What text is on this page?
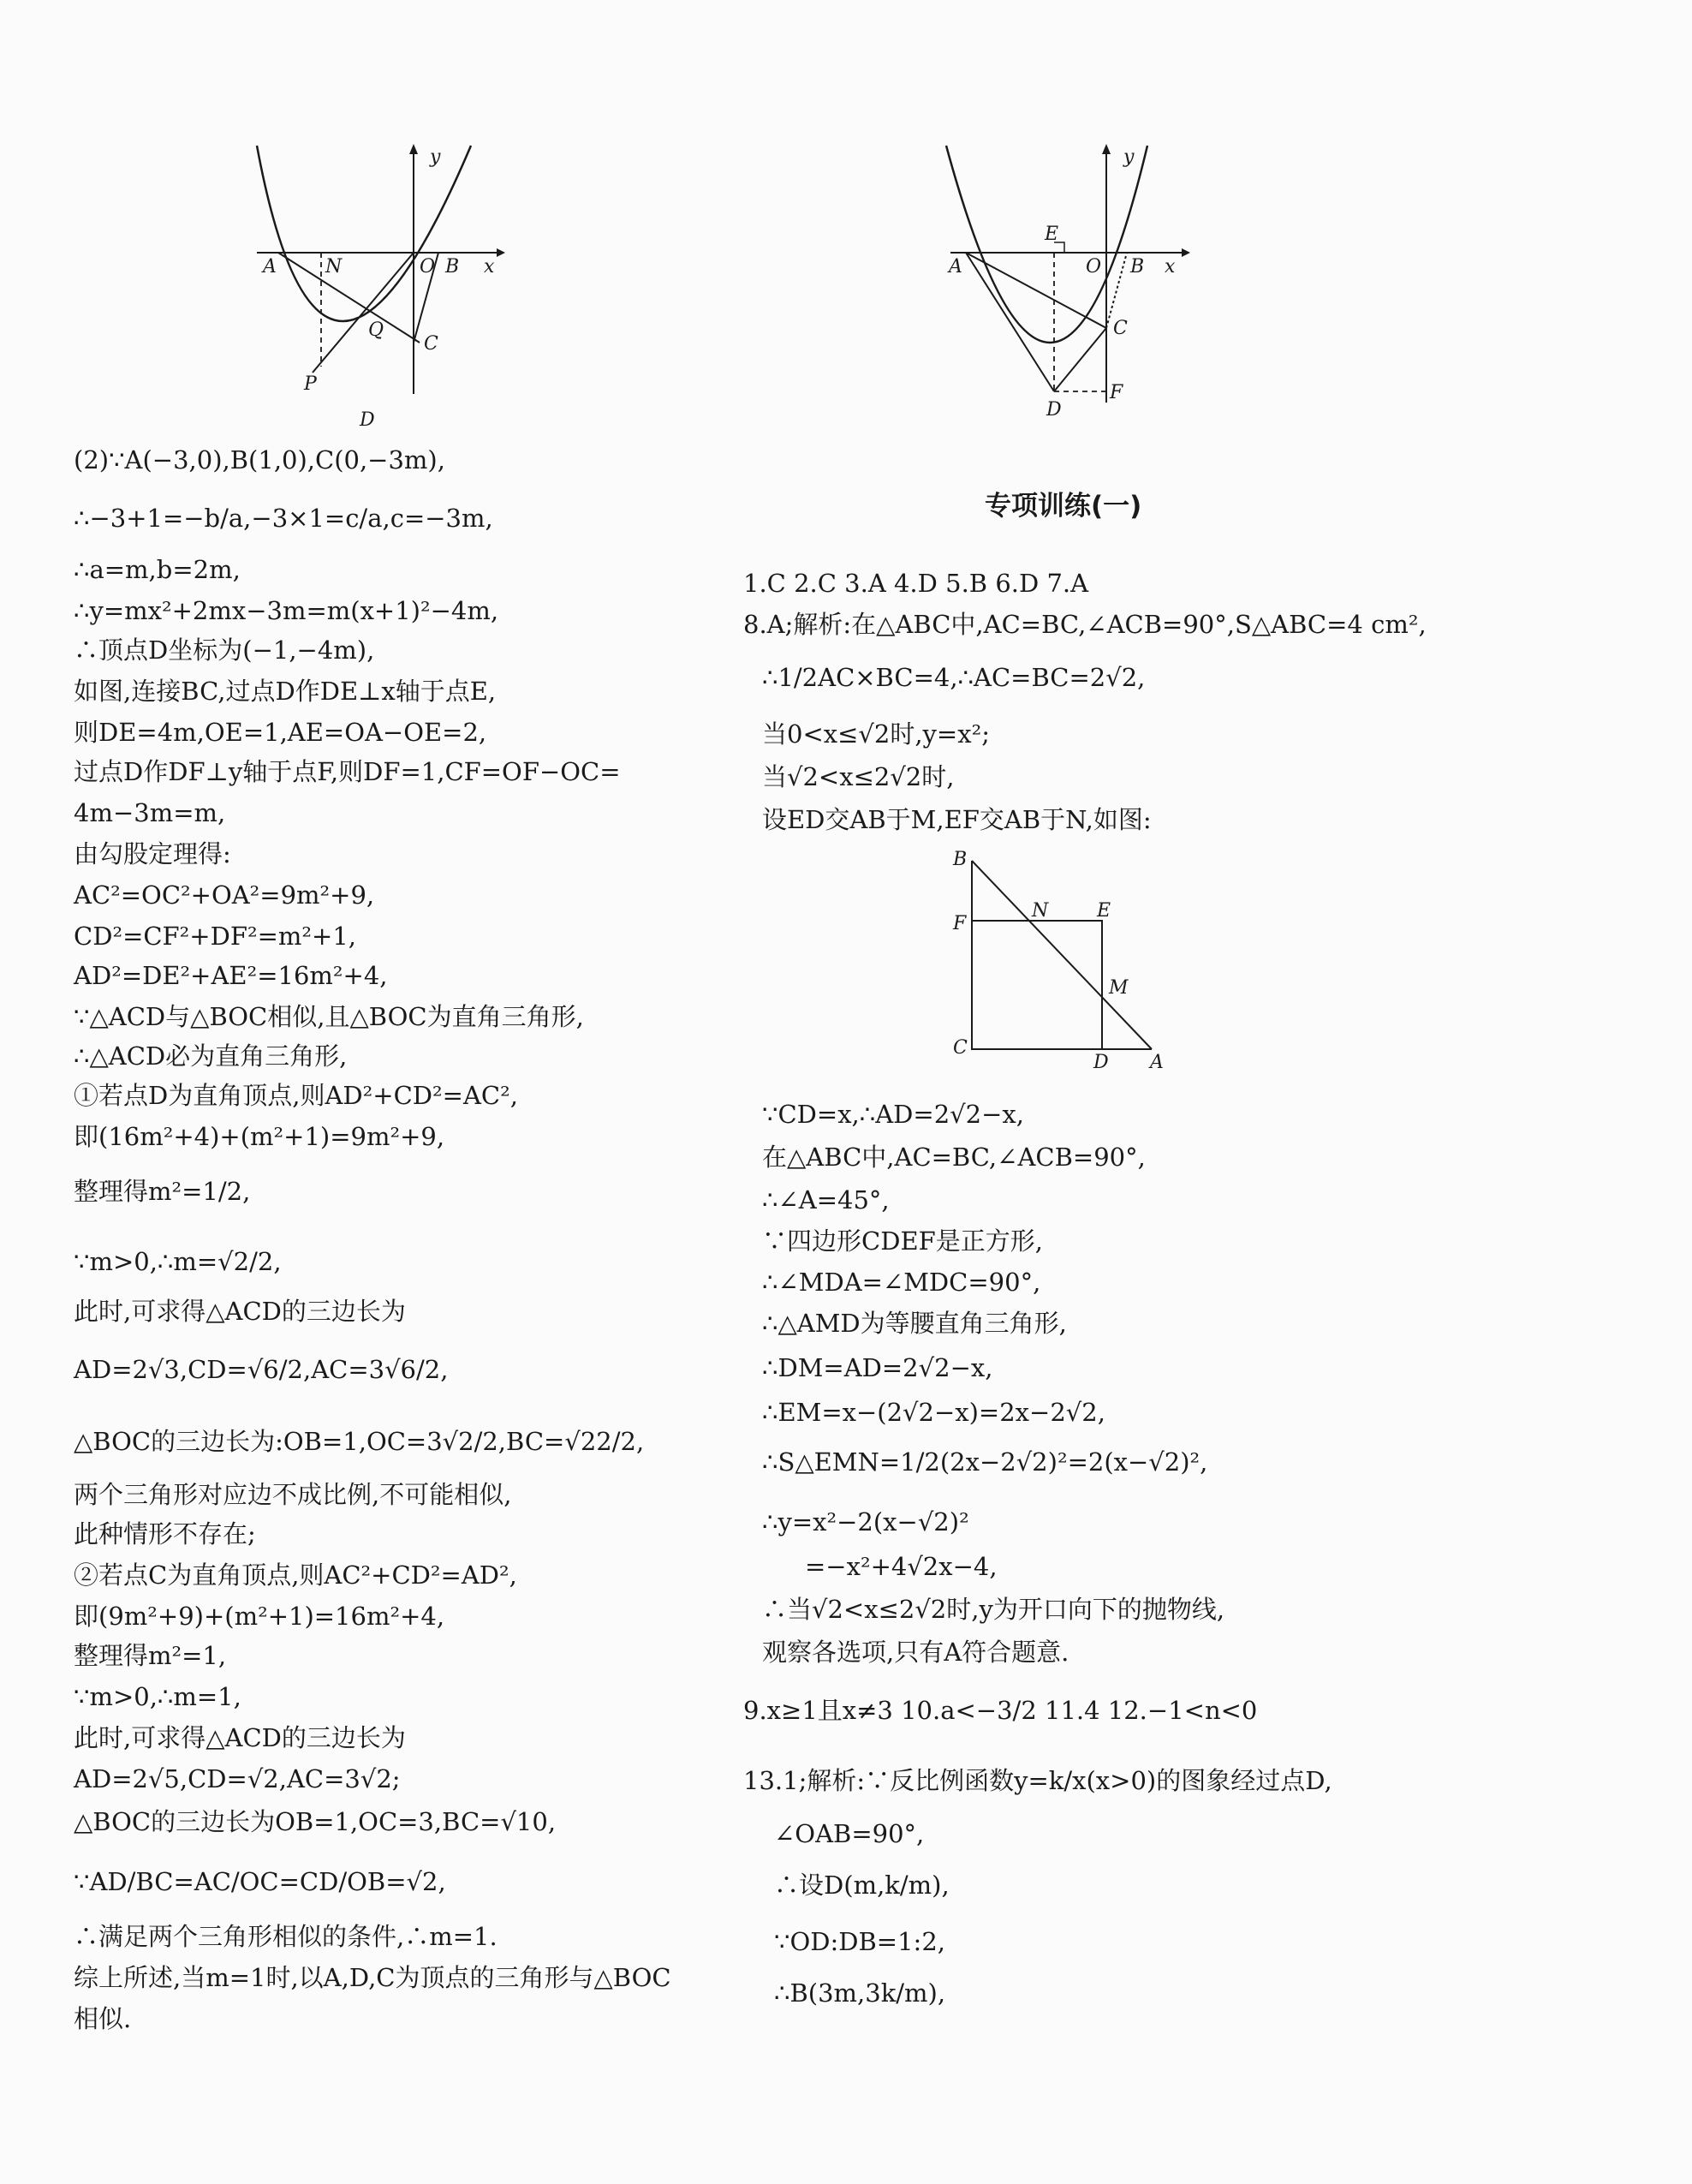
y
A	N	O B x
Q
C
P
D
y
E
O B x
A
C
D
F
B
F
N	E
M
C
D A
(2)∵A(−3,0),B(1,0),C(0,−3m),
∴−3+1=−b/a,−3×1=c/a,c=−3m,
∴a=m,b=2m,
∴y=mx²+2mx−3m=m(x+1)²−4m,
∴顶点D坐标为(−1,−4m),
如图,连接BC,过点D作DE⊥x轴于点E,
则DE=4m,OE=1,AE=OA−OE=2,
过点D作DF⊥y轴于点F,则DF=1,CF=OF−OC=
4m−3m=m,
由勾股定理得:
AC²=OC²+OA²=9m²+9,
CD²=CF²+DF²=m²+1,
AD²=DE²+AE²=16m²+4,
∵△ACD与△BOC相似,且△BOC为直角三角形,
∴△ACD必为直角三角形,
①若点D为直角顶点,则AD²+CD²=AC²,
即(16m²+4)+(m²+1)=9m²+9,
整理得m²=1/2,
∵m>0,∴m=√2/2,
此时,可求得△ACD的三边长为
AD=2√3,CD=√6/2,AC=3√6/2,
△BOC的三边长为:OB=1,OC=3√2/2,BC=√22/2,
两个三角形对应边不成比例,不可能相似,
此种情形不存在;
②若点C为直角顶点,则AC²+CD²=AD²,
即(9m²+9)+(m²+1)=16m²+4,
整理得m²=1,
∵m>0,∴m=1,
此时,可求得△ACD的三边长为
AD=2√5,CD=√2,AC=3√2;
△BOC的三边长为OB=1,OC=3,BC=√10,
∵AD/BC=AC/OC=CD/OB=√2,
∴满足两个三角形相似的条件,∴m=1.
综上所述,当m=1时,以A,D,C为顶点的三角形与△BOC
相似.
专项训练(一)
1.C 2.C 3.A 4.D 5.B 6.D 7.A
8.A;解析:在△ABC中,AC=BC,∠ACB=90°,S△ABC=4 cm²,
∴1/2AC×BC=4,∴AC=BC=2√2,
当0<x≤√2时,y=x²;
当√2<x≤2√2时,
设ED交AB于M,EF交AB于N,如图:
∵CD=x,∴AD=2√2−x,
在△ABC中,AC=BC,∠ACB=90°,
∴∠A=45°,
∵四边形CDEF是正方形,
∴∠MDA=∠MDC=90°,
∴△AMD为等腰直角三角形,
∴DM=AD=2√2−x,
∴EM=x−(2√2−x)=2x−2√2,
∴S△EMN=1/2(2x−2√2)²=2(x−√2)²,
∴y=x²−2(x−√2)²
=−x²+4√2x−4,
∴当√2<x≤2√2时,y为开口向下的抛物线,
观察各选项,只有A符合题意.
9.x≥1且x≠3 10.a<−3/2 11.4 12.−1<n<0
13.1;解析:∵反比例函数y=k/x(x>0)的图象经过点D,
∠OAB=90°,
∴设D(m,k/m),
∵OD:DB=1:2,
∴B(3m,3k/m),
